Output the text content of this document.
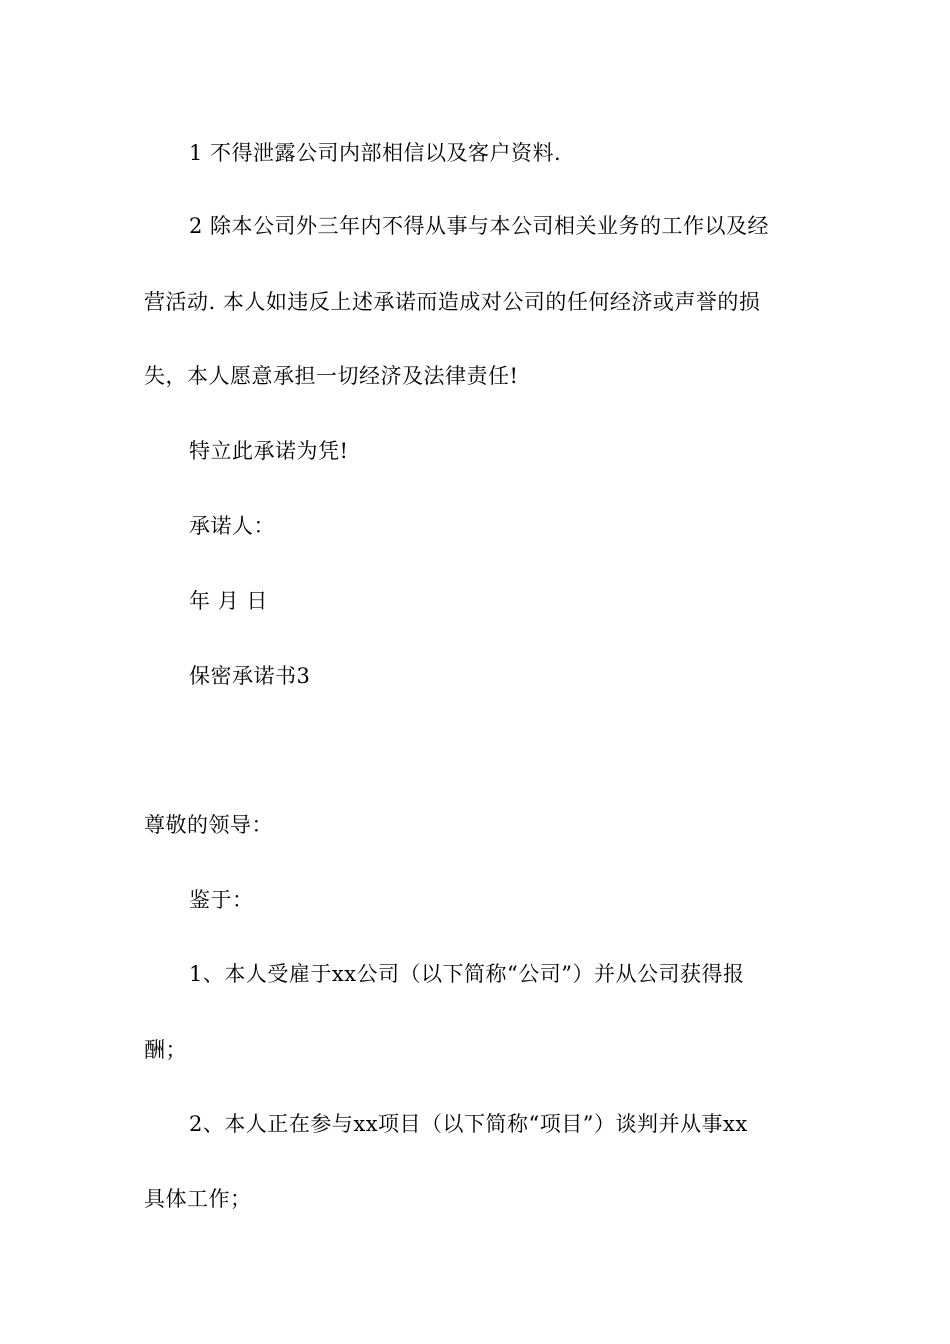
1 不得泄露公司内部相信以及客户资料.
2 除本公司外三年内不得从事与本公司相关业务的工作以及经
营活动. 本人如违反上述承诺而造成对公司的任何经济或声誉的损
失，本人愿意承担一切经济及法律责任!
特立此承诺为凭!
承诺人：
年 月 日
保密承诺书3
尊敬的领导：
鉴于：
1、本人受雇于xx公司（以下简称“公司”）并从公司获得报
酬；
2、本人正在参与xx项目（以下简称“项目”）谈判并从事xx
具体工作；
